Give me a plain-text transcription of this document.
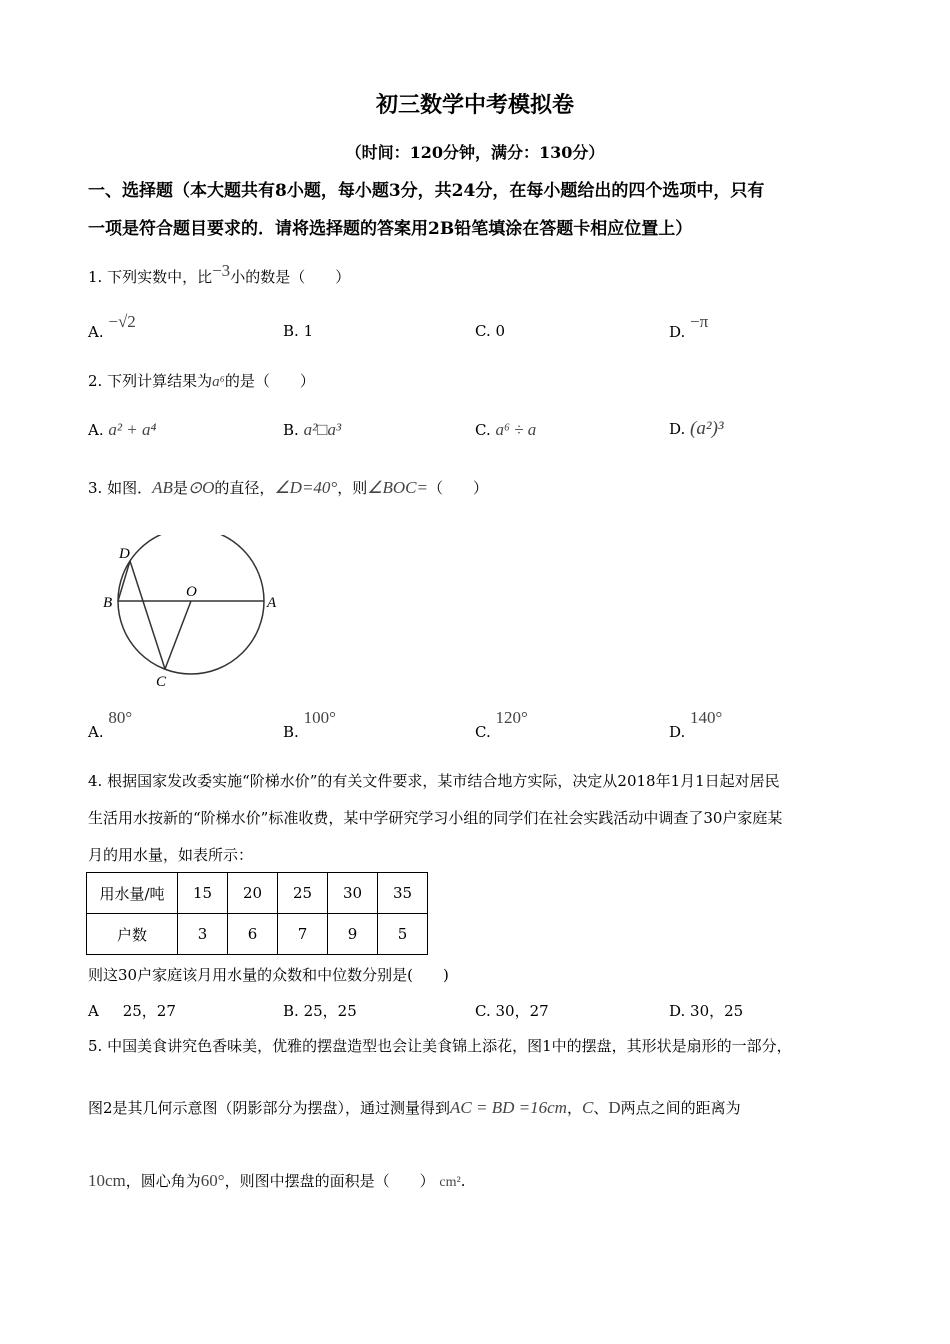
初三数学中考模拟卷
（时间：120分钟，满分：130分）
一、选择题（本大题共有8小题，每小题3分，共24分，在每小题给出的四个选项中，只有
一项是符合题目要求的．请将选择题的答案用2B铅笔填涂在答题卡相应位置上）
1. 下列实数中，比−3小的数是（　　）
A. −√2	B. 1	C. 0	D. −π
2. 下列计算结果为a⁶的是（　　）
A. a² + a⁴	B. a²□a³	C. a⁶ ÷ a	D. (a²)³
3. 如图．AB是⊙O的直径，∠D=40°，则∠BOC=（　　）
D
B
O
A
C
A. 80°
B. 100°
C. 120°
D. 140°
4. 根据国家发改委实施“阶梯水价”的有关文件要求，某市结合地方实际，决定从2018年1月1日起对居民
生活用水按新的“阶梯水价”标准收费，某中学研究学习小组的同学们在社会实践活动中调查了30户家庭某
月的用水量，如表所示：
用水量/吨	15	20	25	30	35
户数	3	6	7	9	5
则这30户家庭该月用水量的众数和中位数分别是(　　)
A 25，27	B. 25，25	C. 30，27	D. 30，25
5. 中国美食讲究色香味美，优雅的摆盘造型也会让美食锦上添花，图1中的摆盘，其形状是扇形的一部分，
图2是其几何示意图（阴影部分为摆盘），通过测量得到AC = BD =16cm，C、D两点之间的距离为
10cm，圆心角为60°，则图中摆盘的面积是（　　） cm².
